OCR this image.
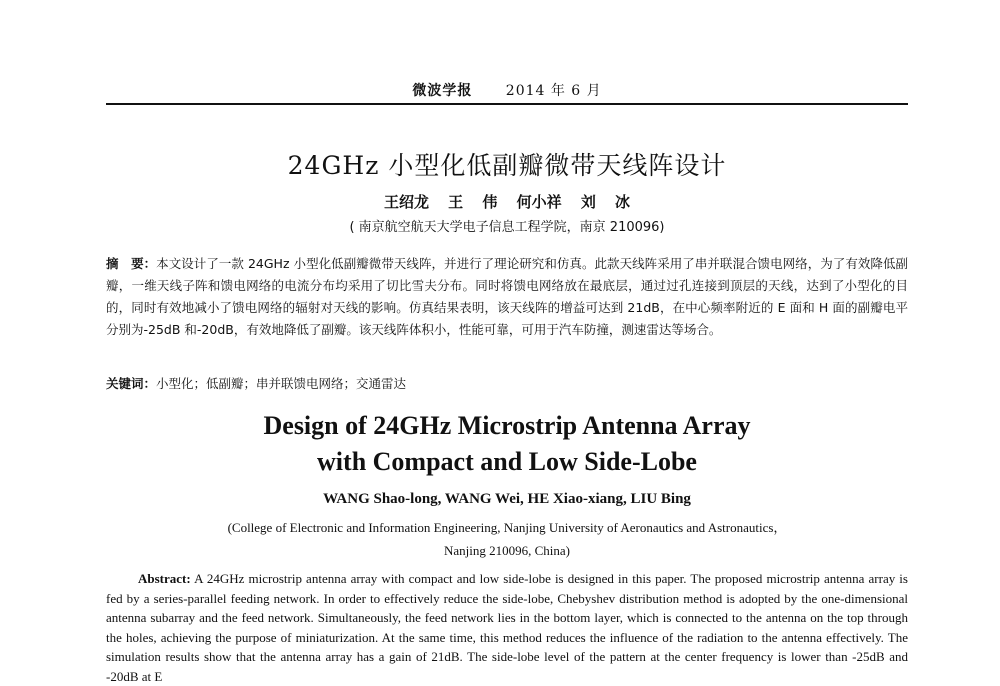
微波学报 2014 年 6 月
24GHz 小型化低副瓣微带天线阵设计
王绍龙 王 伟 何小祥 刘 冰
( 南京航空航天大学电子信息工程学院，南京 210096)
摘　要：本文设计了一款 24GHz 小型化低副瓣微带天线阵，并进行了理论研究和仿真。此款天线阵采用了串并联混合馈电网络，为了有效降低副瓣，一维天线子阵和馈电网络的电流分布均采用了切比雪夫分布。同时将馈电网络放在最底层，通过过孔连接到顶层的天线，达到了小型化的目的，同时有效地减小了馈电网络的辐射对天线的影响。仿真结果表明，该天线阵的增益可达到 21dB，在中心频率附近的 E 面和 H 面的副瓣电平分别为-25dB 和-20dB，有效地降低了副瓣。该天线阵体积小，性能可靠，可用于汽车防撞，测速雷达等场合。
关键词：小型化；低副瓣；串并联馈电网络；交通雷达
Design of 24GHz Microstrip Antenna Array
with Compact and Low Side-Lobe
WANG Shao-long, WANG Wei, HE Xiao-xiang, LIU Bing
(College of Electronic and Information Engineering, Nanjing University of Aeronautics and Astronautics，
Nanjing 210096, China)
Abstract: A 24GHz microstrip antenna array with compact and low side-lobe is designed in this paper. The proposed microstrip antenna array is fed by a series-parallel feeding network. In order to effectively reduce the side-lobe, Chebyshev distribution method is adopted by the one-dimensional antenna subarray and the feed network. Simultaneously, the feed network lies in the bottom layer, which is connected to the antenna on the top through the holes, achieving the purpose of miniaturization. At the same time, this method reduces the influence of the radiation to the antenna effectively. The simulation results show that the antenna array has a gain of 21dB. The side-lobe level of the pattern at the center frequency is lower than -25dB and -20dB at E
